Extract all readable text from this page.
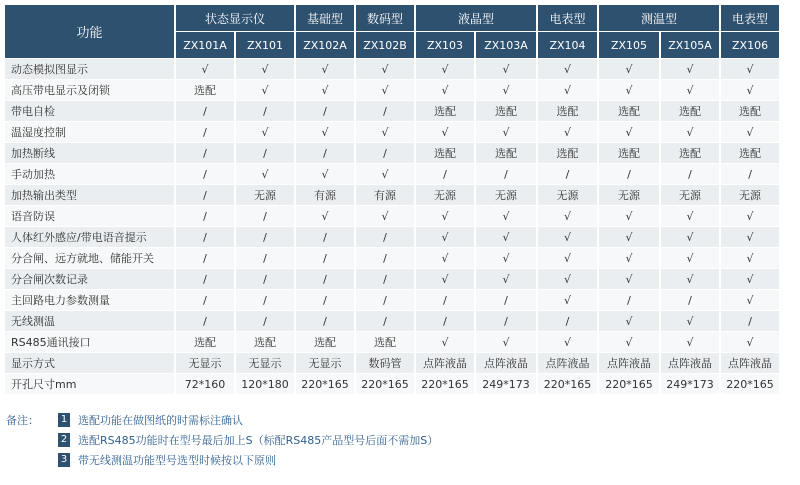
功能	状态显示仪		基础型	数码型	液晶型		电表型	测温型		电表型
	ZX101A	ZX101	ZX102A	ZX102B	ZX103	ZX103A	ZX104	ZX105	ZX105A	ZX106
动态模拟图显示	√	√	√	√	√	√	√	√	√	√
高压带电显示及闭锁	选配	√	√	√	√	√	√	√	√	√
带电自检	/	/	/	/	选配	选配	选配	选配	选配	选配
温湿度控制	/	√	√	√	√	√	√	√	√	√
加热断线	/	/	/	/	选配	选配	选配	选配	选配	选配
手动加热	/	√	√	√	/	/	/	/	/	/
加热输出类型	/	无源	有源	有源	无源	无源	无源	无源	无源	无源
语音防误	/	/	√	√	√	√	√	√	√	√
人体红外感应/带电语音提示	/	/	/	/	√	√	√	√	√	√
分合闸、远方就地、储能开关	/	/	/	/	√	√	√	√	√	√
分合闸次数记录	/	/	/	/	√	√	√	√	√	√
主回路电力参数测量	/	/	/	/	/	/	√	/	/	√
无线测温	/	/	/	/	/	/	/	√	√	/
RS485通讯接口	选配	选配	选配	选配	√	√	√	√	√	√
显示方式	无显示	无显示	无显示	数码管	点阵液晶	点阵液晶	点阵液晶	点阵液晶	点阵液晶	点阵液晶
开孔尺寸mm	72*160	120*180	220*165	220*165	220*165	249*173	220*165	220*165	249*173	220*165
备注：	1 选配功能在做图纸的时需标注确认
2 选配RS485功能时在型号最后加上S（标配RS485产品型号后面不需加S）
3 带无线测温功能型号选型时候按以下原则
